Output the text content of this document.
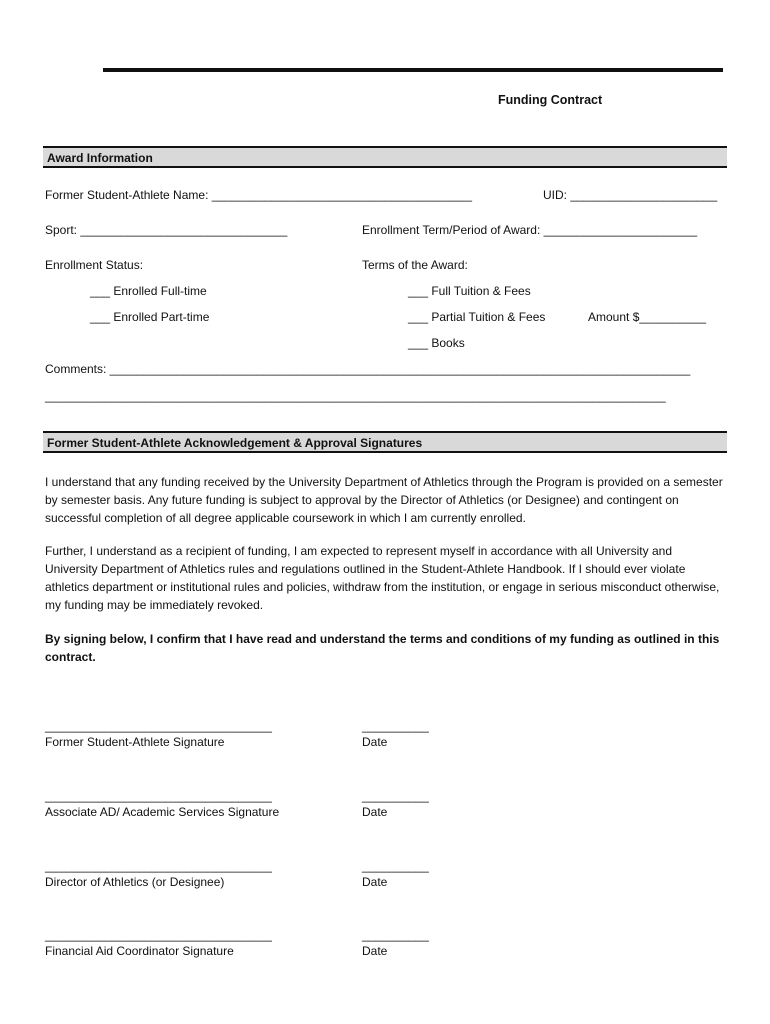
Funding Contract
Award Information
Former Student-Athlete Name: _______________________________________	UID: ______________________
Sport: _______________________________	Enrollment Term/Period of Award: _______________________
Enrollment Status:	Terms of the Award:
___ Enrolled Full-time	___ Full Tuition & Fees
___ Enrolled Part-time	___ Partial Tuition & Fees	Amount $__________
___ Books
Comments: _______________________________________________________________________________________
_____________________________________________________________________________________________
Former Student-Athlete Acknowledgement & Approval Signatures
I understand that any funding received by the University Department of Athletics through the Program is provided on a semester by semester basis. Any future funding is subject to approval by the Director of Athletics (or Designee) and contingent on successful completion of all degree applicable coursework in which I am currently enrolled.
Further, I understand as a recipient of funding, I am expected to represent myself in accordance with all University and University Department of Athletics rules and regulations outlined in the Student-Athlete Handbook. If I should ever violate athletics department or institutional rules and policies, withdraw from the institution, or engage in serious misconduct otherwise, my funding may be immediately revoked.
By signing below, I confirm that I have read and understand the terms and conditions of my funding as outlined in this contract.
__________________________________
Former Student-Athlete Signature
__________
Date
__________________________________
Associate AD/ Academic Services Signature
__________
Date
__________________________________
Director of Athletics (or Designee)
__________
Date
__________________________________
Financial Aid Coordinator Signature
__________
Date
